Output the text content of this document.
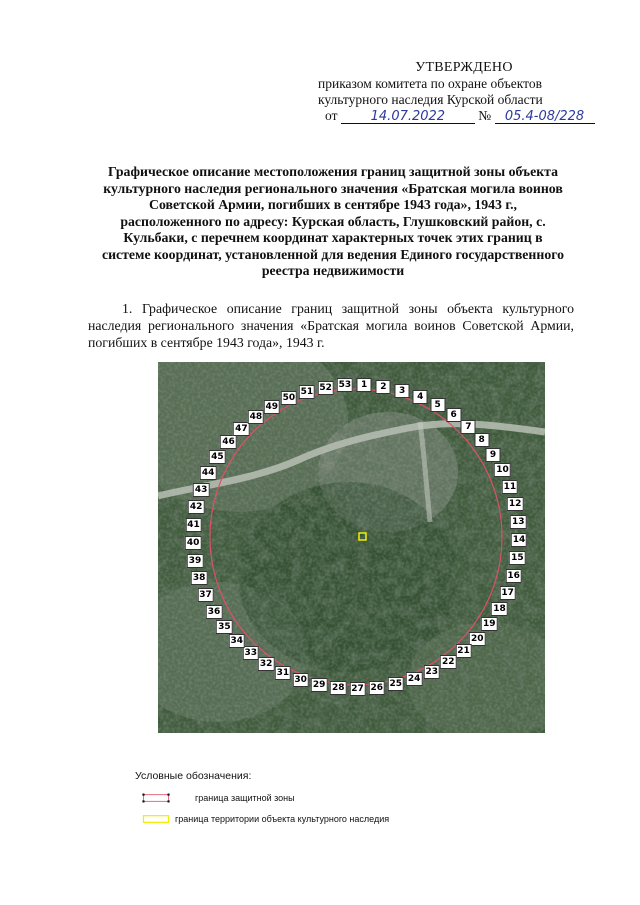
УТВЕРЖДЕНО
приказом комитета по охране объектов
культурного наследия Курской области
от	14.07.2022 № 05.4-08/228
Графическое описание местоположения границ защитной зоны объекта культурного наследия регионального значения «Братская могила воинов Советской Армии, погибших в сентябре 1943 года», 1943 г., расположенного по адресу: Курская область, Глушковский район, с. Кульбаки, с перечнем координат характерных точек этих границ в системе координат, установленной для ведения Единого государственного реестра недвижимости
1. Графическое описание границ защитной зоны объекта культурного наследия регионального значения «Братская могила воинов Советской Армии, погибших в сентябре 1943 года», 1943 г.
1	2	3
4
5
6
7
8
9
10
11
12
13
14
15
16
17
18
19
20
21
22
23
24
25
26
27
28
29
30
31
32
33
34
35
36
37
38
39
40
41
42
43
44
45
46
47
48
49
50
51 52 53
Условные обозначения:
граница защитной зоны
граница территории объекта культурного наследия
